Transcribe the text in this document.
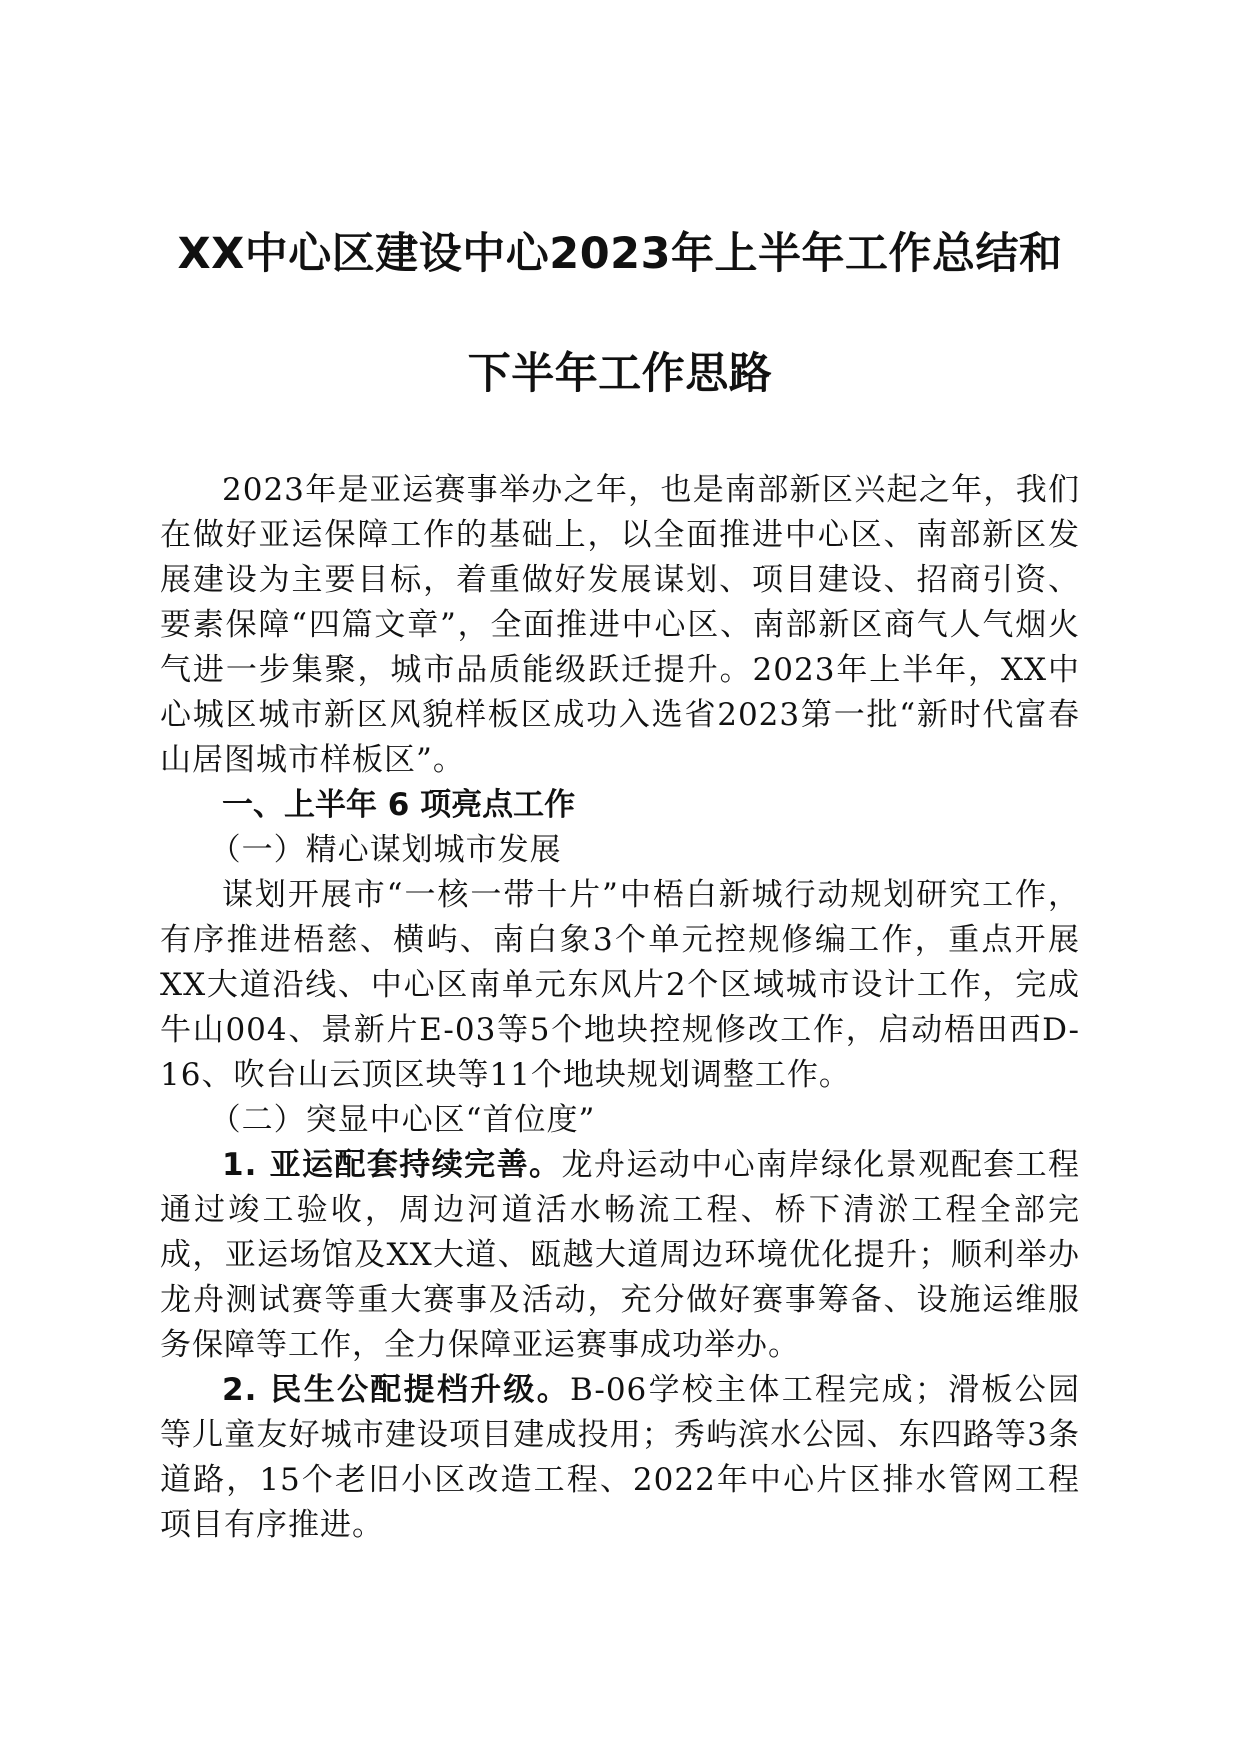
XX中心区建设中心2023年上半年工作总结和
下半年工作思路

2023年是亚运赛事举办之年，也是南部新区兴起之年，我们在做好亚运保障工作的基础上，以全面推进中心区、南部新区发展建设为主要目标，着重做好发展谋划、项目建设、招商引资、要素保障“四篇文章”，全面推进中心区、南部新区商气人气烟火气进一步集聚，城市品质能级跃迁提升。2023年上半年，XX中心城区城市新区风貌样板区成功入选省2023第一批“新时代富春山居图城市样板区”。

一、上半年 6 项亮点工作

（一）精心谋划城市发展

谋划开展市“一核一带十片”中梧白新城行动规划研究工作，有序推进梧慈、横屿、南白象3个单元控规修编工作，重点开展XX大道沿线、中心区南单元东风片2个区域城市设计工作，完成牛山004、景新片E-03等5个地块控规修改工作，启动梧田西D-16、吹台山云顶区块等11个地块规划调整工作。

（二）突显中心区“首位度”

1. 亚运配套持续完善。龙舟运动中心南岸绿化景观配套工程通过竣工验收，周边河道活水畅流工程、桥下清淤工程全部完成，亚运场馆及XX大道、瓯越大道周边环境优化提升；顺利举办龙舟测试赛等重大赛事及活动，充分做好赛事筹备、设施运维服务保障等工作，全力保障亚运赛事成功举办。

2. 民生公配提档升级。B-06学校主体工程完成；滑板公园等儿童友好城市建设项目建成投用；秀屿滨水公园、东四路等3条道路，15个老旧小区改造工程、2022年中心片区排水管网工程项目有序推进。
